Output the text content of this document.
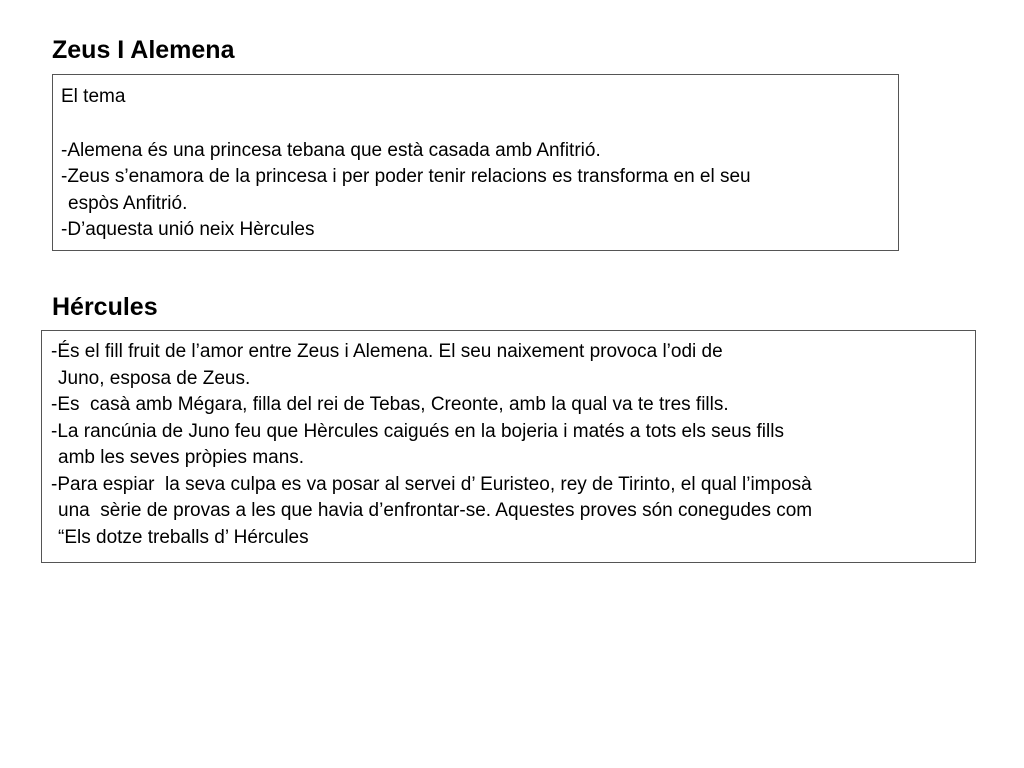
Zeus I Alemena
El tema
-Alemena és una princesa tebana que està casada amb Anfitrió.
-Zeus s’enamora de la princesa i per poder tenir relacions es transforma en el seu
espòs Anfitrió.
-D’aquesta unió neix Hèrcules
Hércules
-És el fill fruit de l’amor entre Zeus i Alemena. El seu naixement provoca l’odi de
Juno, esposa de Zeus.
-Es  casà amb Mégara, filla del rei de Tebas, Creonte, amb la qual va te tres fills.
-La rancúnia de Juno feu que Hèrcules caigués en la bojeria i matés a tots els seus fills
amb les seves pròpies mans.
-Para espiar  la seva culpa es va posar al servei d’ Euristeo, rey de Tirinto, el qual l’imposà
una  sèrie de provas a les que havia d’enfrontar-se. Aquestes proves són conegudes com
“Els dotze treballs d’ Hércules
